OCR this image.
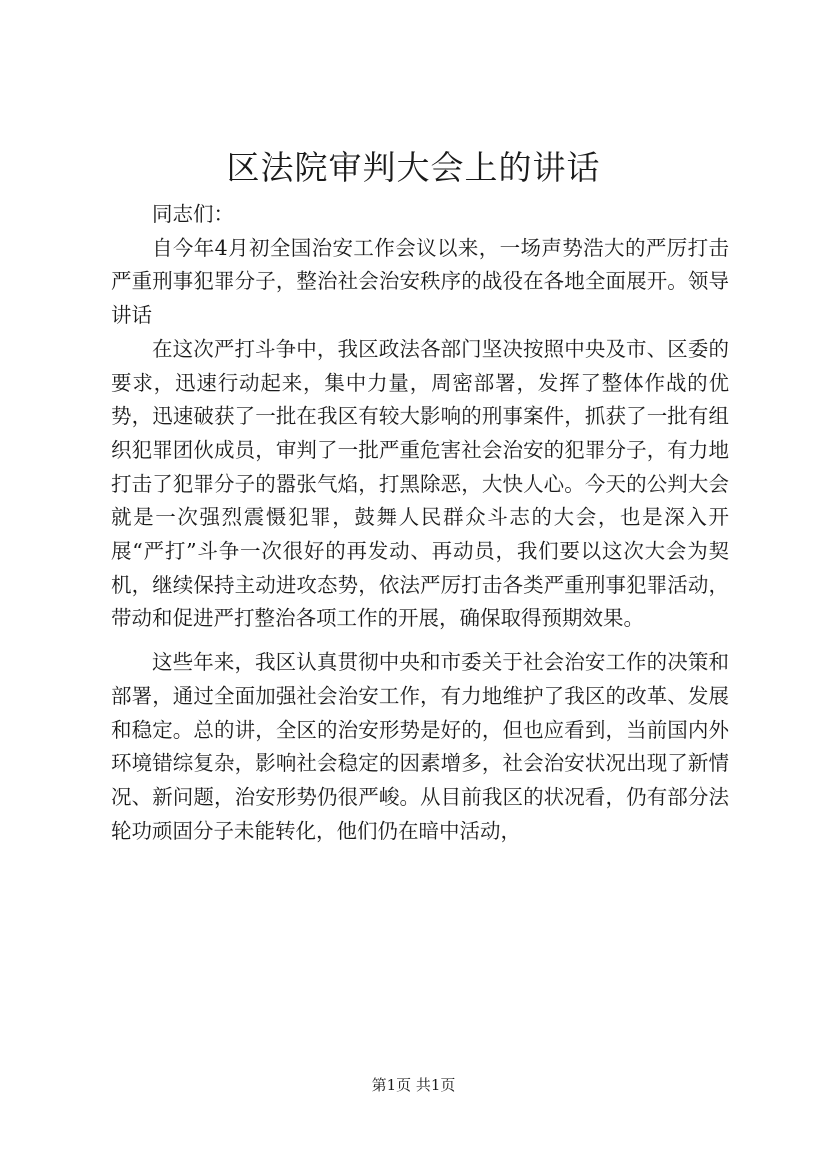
区法院审判大会上的讲话

同志们：

自今年4月初全国治安工作会议以来，一场声势浩大的严厉打击严重刑事犯罪分子，整治社会治安秩序的战役在各地全面展开。领导讲话

在这次严打斗争中，我区政法各部门坚决按照中央及市、区委的要求，迅速行动起来，集中力量，周密部署，发挥了整体作战的优势，迅速破获了一批在我区有较大影响的刑事案件，抓获了一批有组织犯罪团伙成员，审判了一批严重危害社会治安的犯罪分子，有力地打击了犯罪分子的嚣张气焰，打黑除恶，大快人心。今天的公判大会就是一次强烈震慑犯罪，鼓舞人民群众斗志的大会，也是深入开展“严打”斗争一次很好的再发动、再动员，我们要以这次大会为契机，继续保持主动进攻态势，依法严厉打击各类严重刑事犯罪活动，带动和促进严打整治各项工作的开展，确保取得预期效果。

这些年来，我区认真贯彻中央和市委关于社会治安工作的决策和部署，通过全面加强社会治安工作，有力地维护了我区的改革、发展和稳定。总的讲，全区的治安形势是好的，但也应看到，当前国内外环境错综复杂，影响社会稳定的因素增多，社会治安状况出现了新情况、新问题，治安形势仍很严峻。从目前我区的状况看，仍有部分法轮功顽固分子未能转化，他们仍在暗中活动，

第1页 共1页
